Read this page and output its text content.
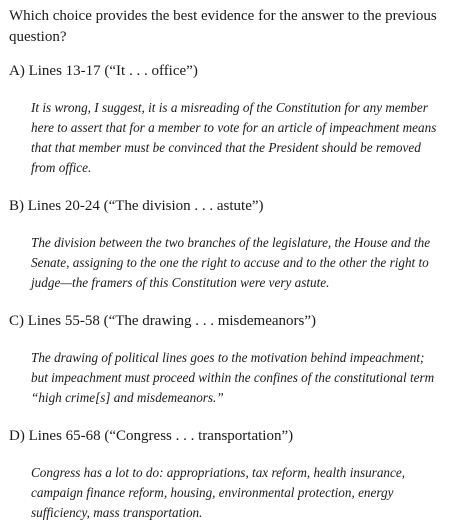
Which choice provides the best evidence for the answer to the previous question?

A) Lines 13-17 (“It . . . office”)

It is wrong, I suggest, it is a misreading of the Constitution for any member here to assert that for a member to vote for an article of impeachment means that that member must be convinced that the President should be removed from office.

B) Lines 20-24 (“The division . . . astute”)

The division between the two branches of the legislature, the House and the Senate, assigning to the one the right to accuse and to the other the right to judge—the framers of this Constitution were very astute.

C) Lines 55-58 (“The drawing . . . misdemeanors”)

The drawing of political lines goes to the motivation behind impeachment; but impeachment must proceed within the confines of the constitutional term “high crime[s] and misdemeanors.”

D) Lines 65-68 (“Congress . . . transportation”)

Congress has a lot to do: appropriations, tax reform, health insurance, campaign finance reform, housing, environmental protection, energy sufficiency, mass transportation.
